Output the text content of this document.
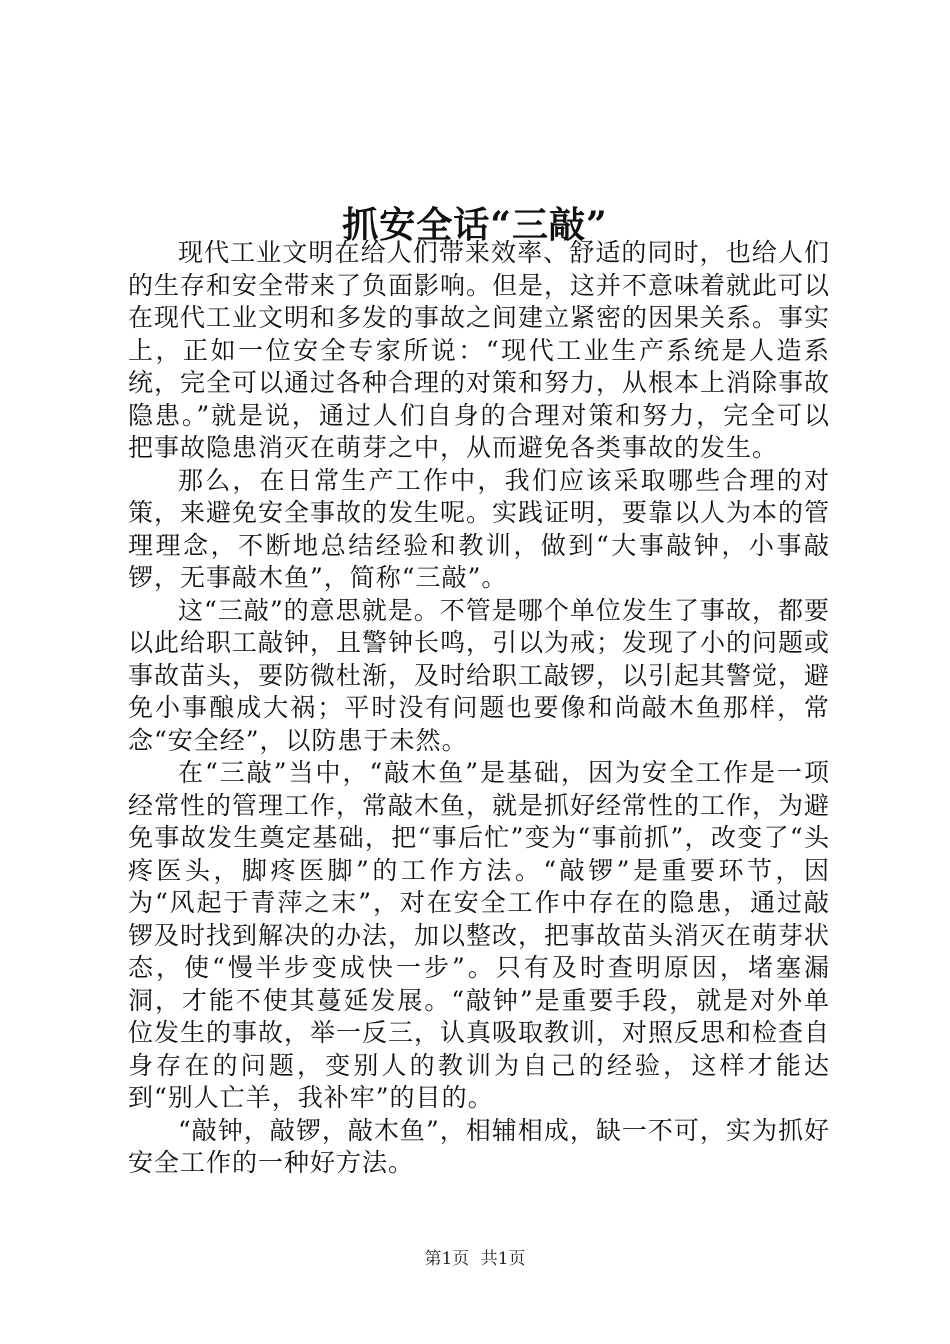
抓安全话“三敲”

现代工业文明在给人们带来效率、舒适的同时，也给人们的生存和安全带来了负面影响。但是，这并不意味着就此可以在现代工业文明和多发的事故之间建立紧密的因果关系。事实上，正如一位安全专家所说：“现代工业生产系统是人造系统，完全可以通过各种合理的对策和努力，从根本上消除事故隐患。”就是说，通过人们自身的合理对策和努力，完全可以把事故隐患消灭在萌芽之中，从而避免各类事故的发生。

那么，在日常生产工作中，我们应该采取哪些合理的对策，来避免安全事故的发生呢。实践证明，要靠以人为本的管理理念，不断地总结经验和教训，做到“大事敲钟，小事敲锣，无事敲木鱼”，简称“三敲”。

这“三敲”的意思就是。不管是哪个单位发生了事故，都要以此给职工敲钟，且警钟长鸣，引以为戒；发现了小的问题或事故苗头，要防微杜渐，及时给职工敲锣，以引起其警觉，避免小事酿成大祸；平时没有问题也要像和尚敲木鱼那样，常念“安全经”，以防患于未然。

在“三敲”当中，“敲木鱼”是基础，因为安全工作是一项经常性的管理工作，常敲木鱼，就是抓好经常性的工作，为避免事故发生奠定基础，把“事后忙”变为“事前抓”，改变了“头疼医头，脚疼医脚”的工作方法。“敲锣”是重要环节，因为“风起于青萍之末”，对在安全工作中存在的隐患，通过敲锣及时找到解决的办法，加以整改，把事故苗头消灭在萌芽状态，使“慢半步变成快一步”。只有及时查明原因，堵塞漏洞，才能不使其蔓延发展。“敲钟”是重要手段，就是对外单位发生的事故，举一反三，认真吸取教训，对照反思和检查自身存在的问题，变别人的教训为自己的经验，这样才能达到“别人亡羊，我补牢”的目的。

“敲钟，敲锣，敲木鱼”，相辅相成，缺一不可，实为抓好安全工作的一种好方法。

第1页 共1页
